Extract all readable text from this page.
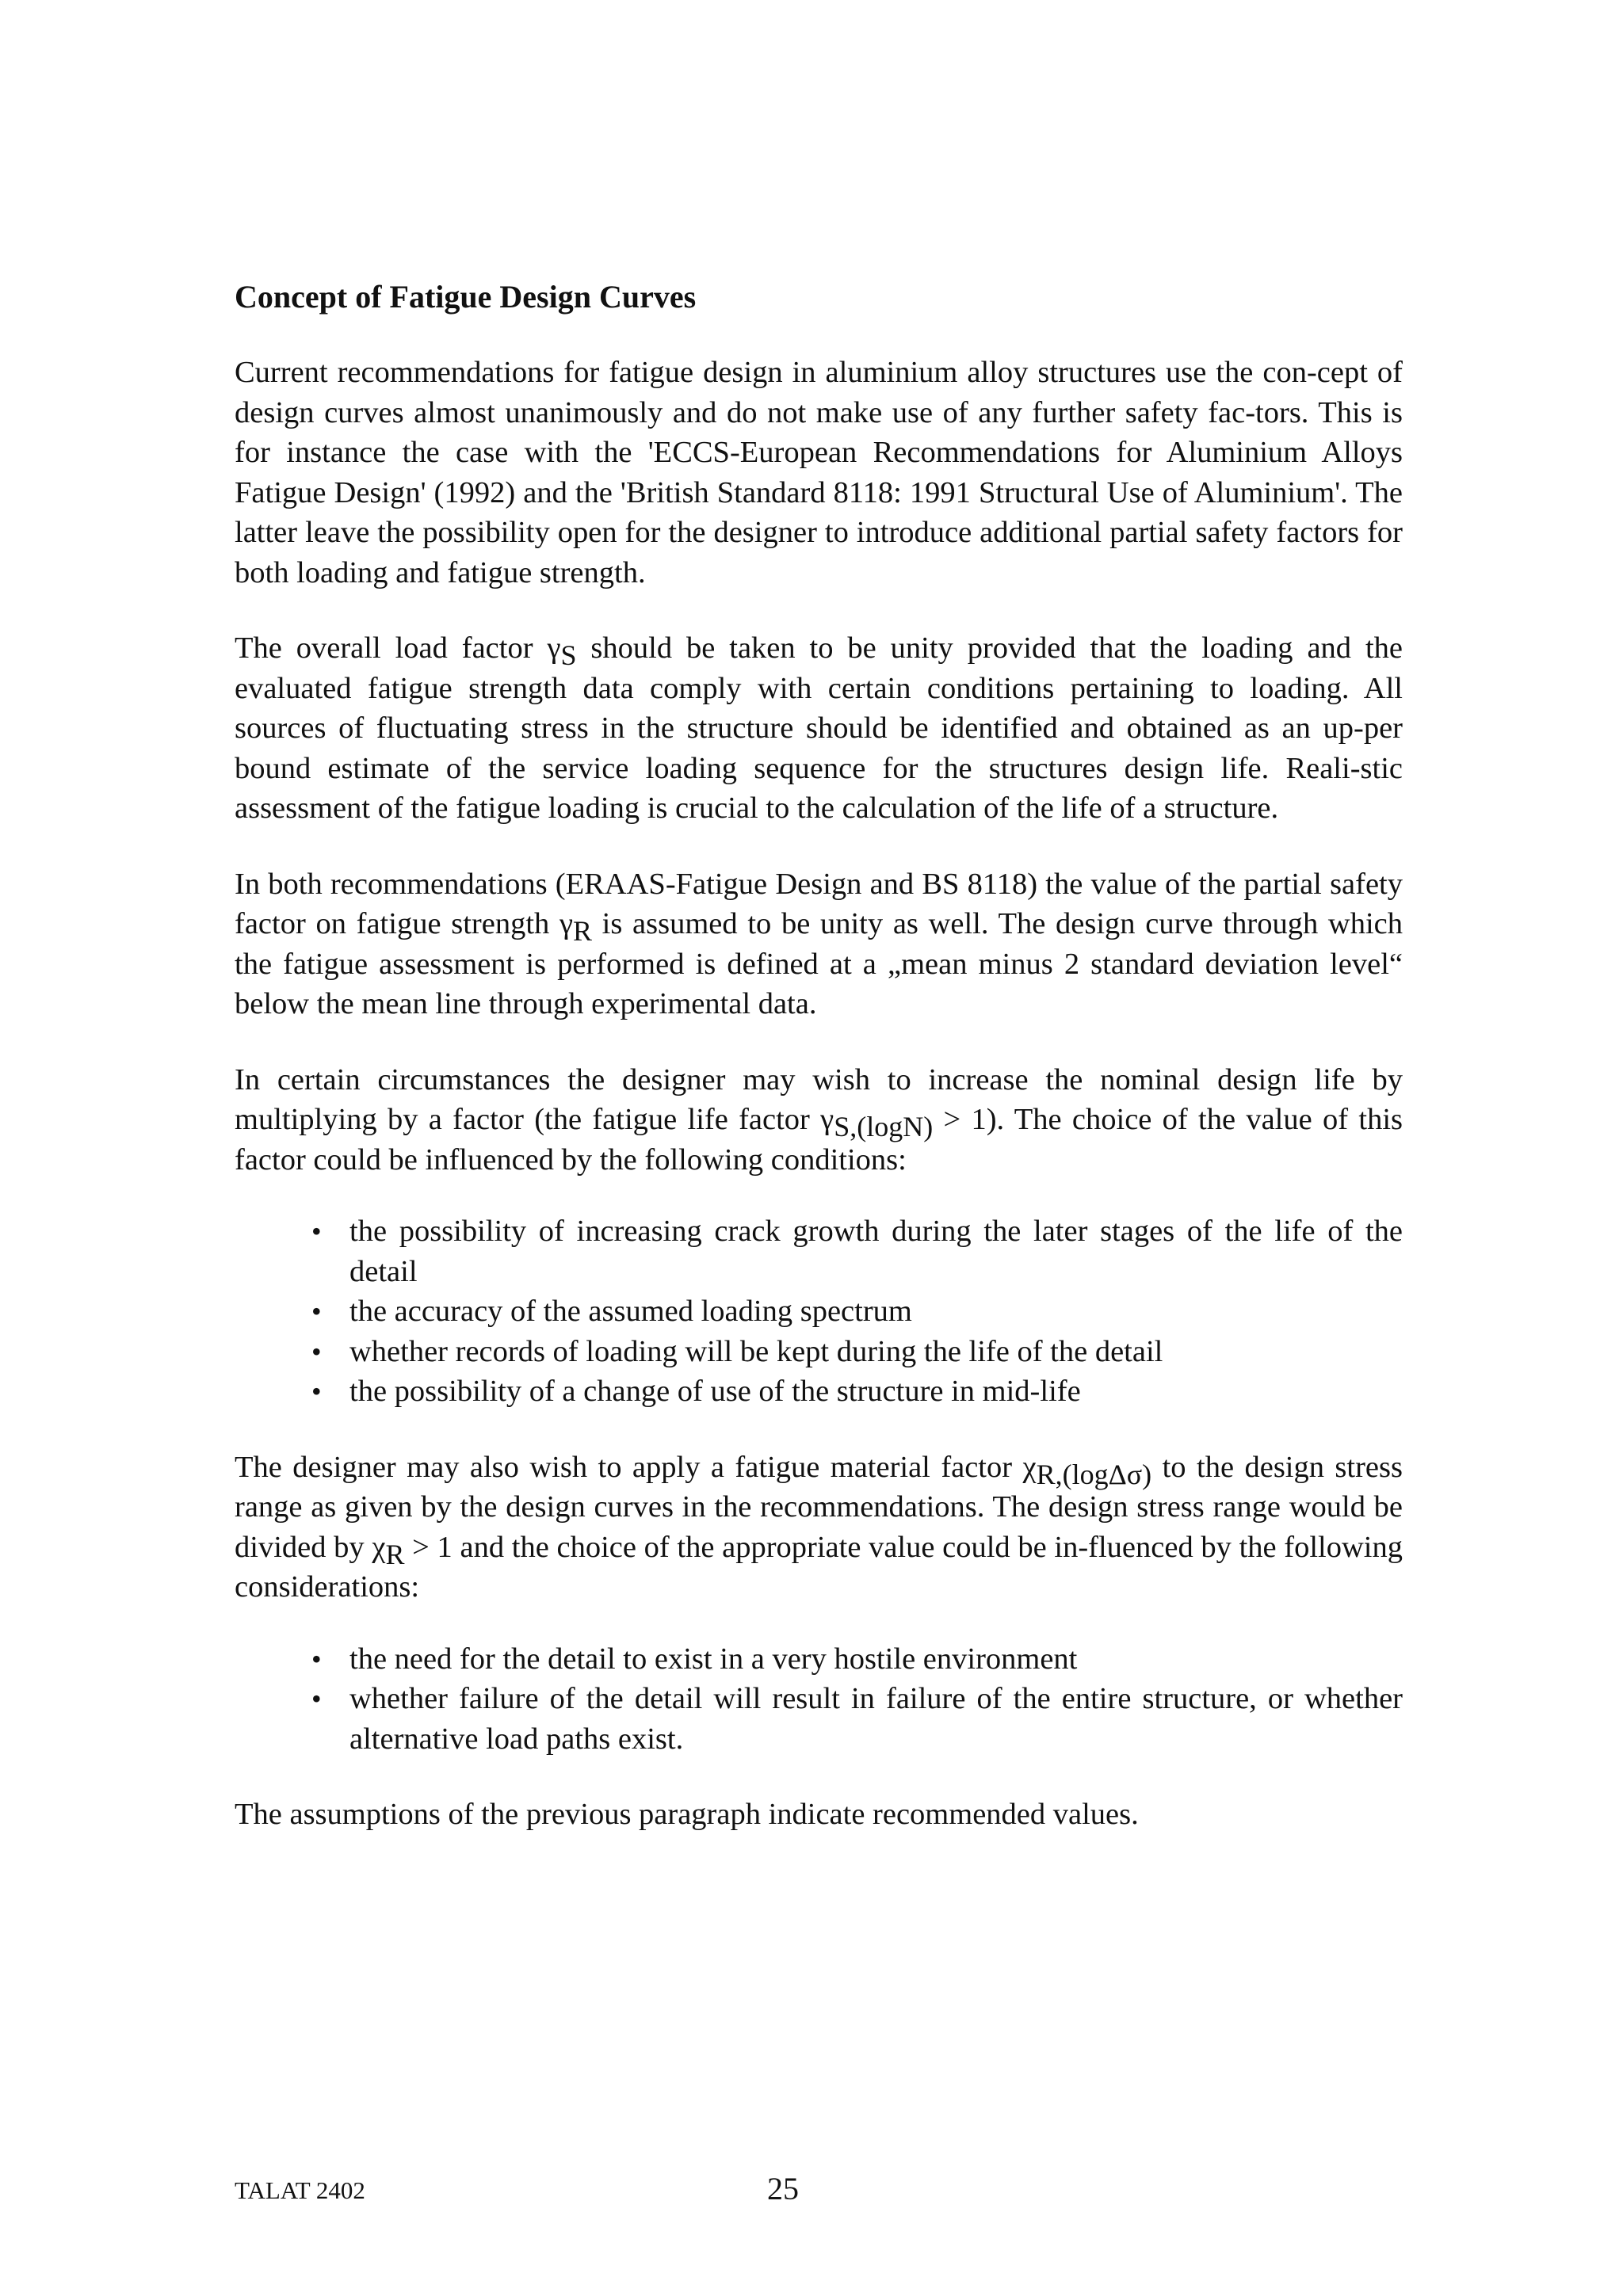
Concept of Fatigue Design Curves

Current recommendations for fatigue design in aluminium alloy structures use the con-cept of design curves almost unanimously and do not make use of any further safety fac-tors. This is for instance the case with the 'ECCS-European Recommendations for Aluminium Alloys Fatigue Design' (1992) and the 'British Standard 8118: 1991 Structural Use of Aluminium'. The latter leave the possibility open for the designer to introduce additional partial safety factors for both loading and fatigue strength.

The overall load factor γS should be taken to be unity provided that the loading and the evaluated fatigue strength data comply with certain conditions pertaining to loading. All sources of fluctuating stress in the structure should be identified and obtained as an up-per bound estimate of the service loading sequence for the structures design life. Reali-stic assessment of the fatigue loading is crucial to the calculation of the life of a structure.

In both recommendations (ERAAS-Fatigue Design and BS 8118) the value of the partial safety factor on fatigue strength γR is assumed to be unity as well. The design curve through which the fatigue assessment is performed is defined at a „mean minus 2 standard deviation level“ below the mean line through experimental data.

In certain circumstances the designer may wish to increase the nominal design life by multiplying by a factor (the fatigue life factor γS,(logN) > 1). The choice of the value of this factor could be influenced by the following conditions:

• the possibility of increasing crack growth during the later stages of the life of the detail
• the accuracy of the assumed loading spectrum
• whether records of loading will be kept during the life of the detail
• the possibility of a change of use of the structure in mid-life

The designer may also wish to apply a fatigue material factor χR,(logΔσ) to the design stress range as given by the design curves in the recommendations. The design stress range would be divided by χR > 1 and the choice of the appropriate value could be in-fluenced by the following considerations:

• the need for the detail to exist in a very hostile environment
• whether failure of the detail will result in failure of the entire structure, or whether alternative load paths exist.

The assumptions of the previous paragraph indicate recommended values.

TALAT 2402	25
